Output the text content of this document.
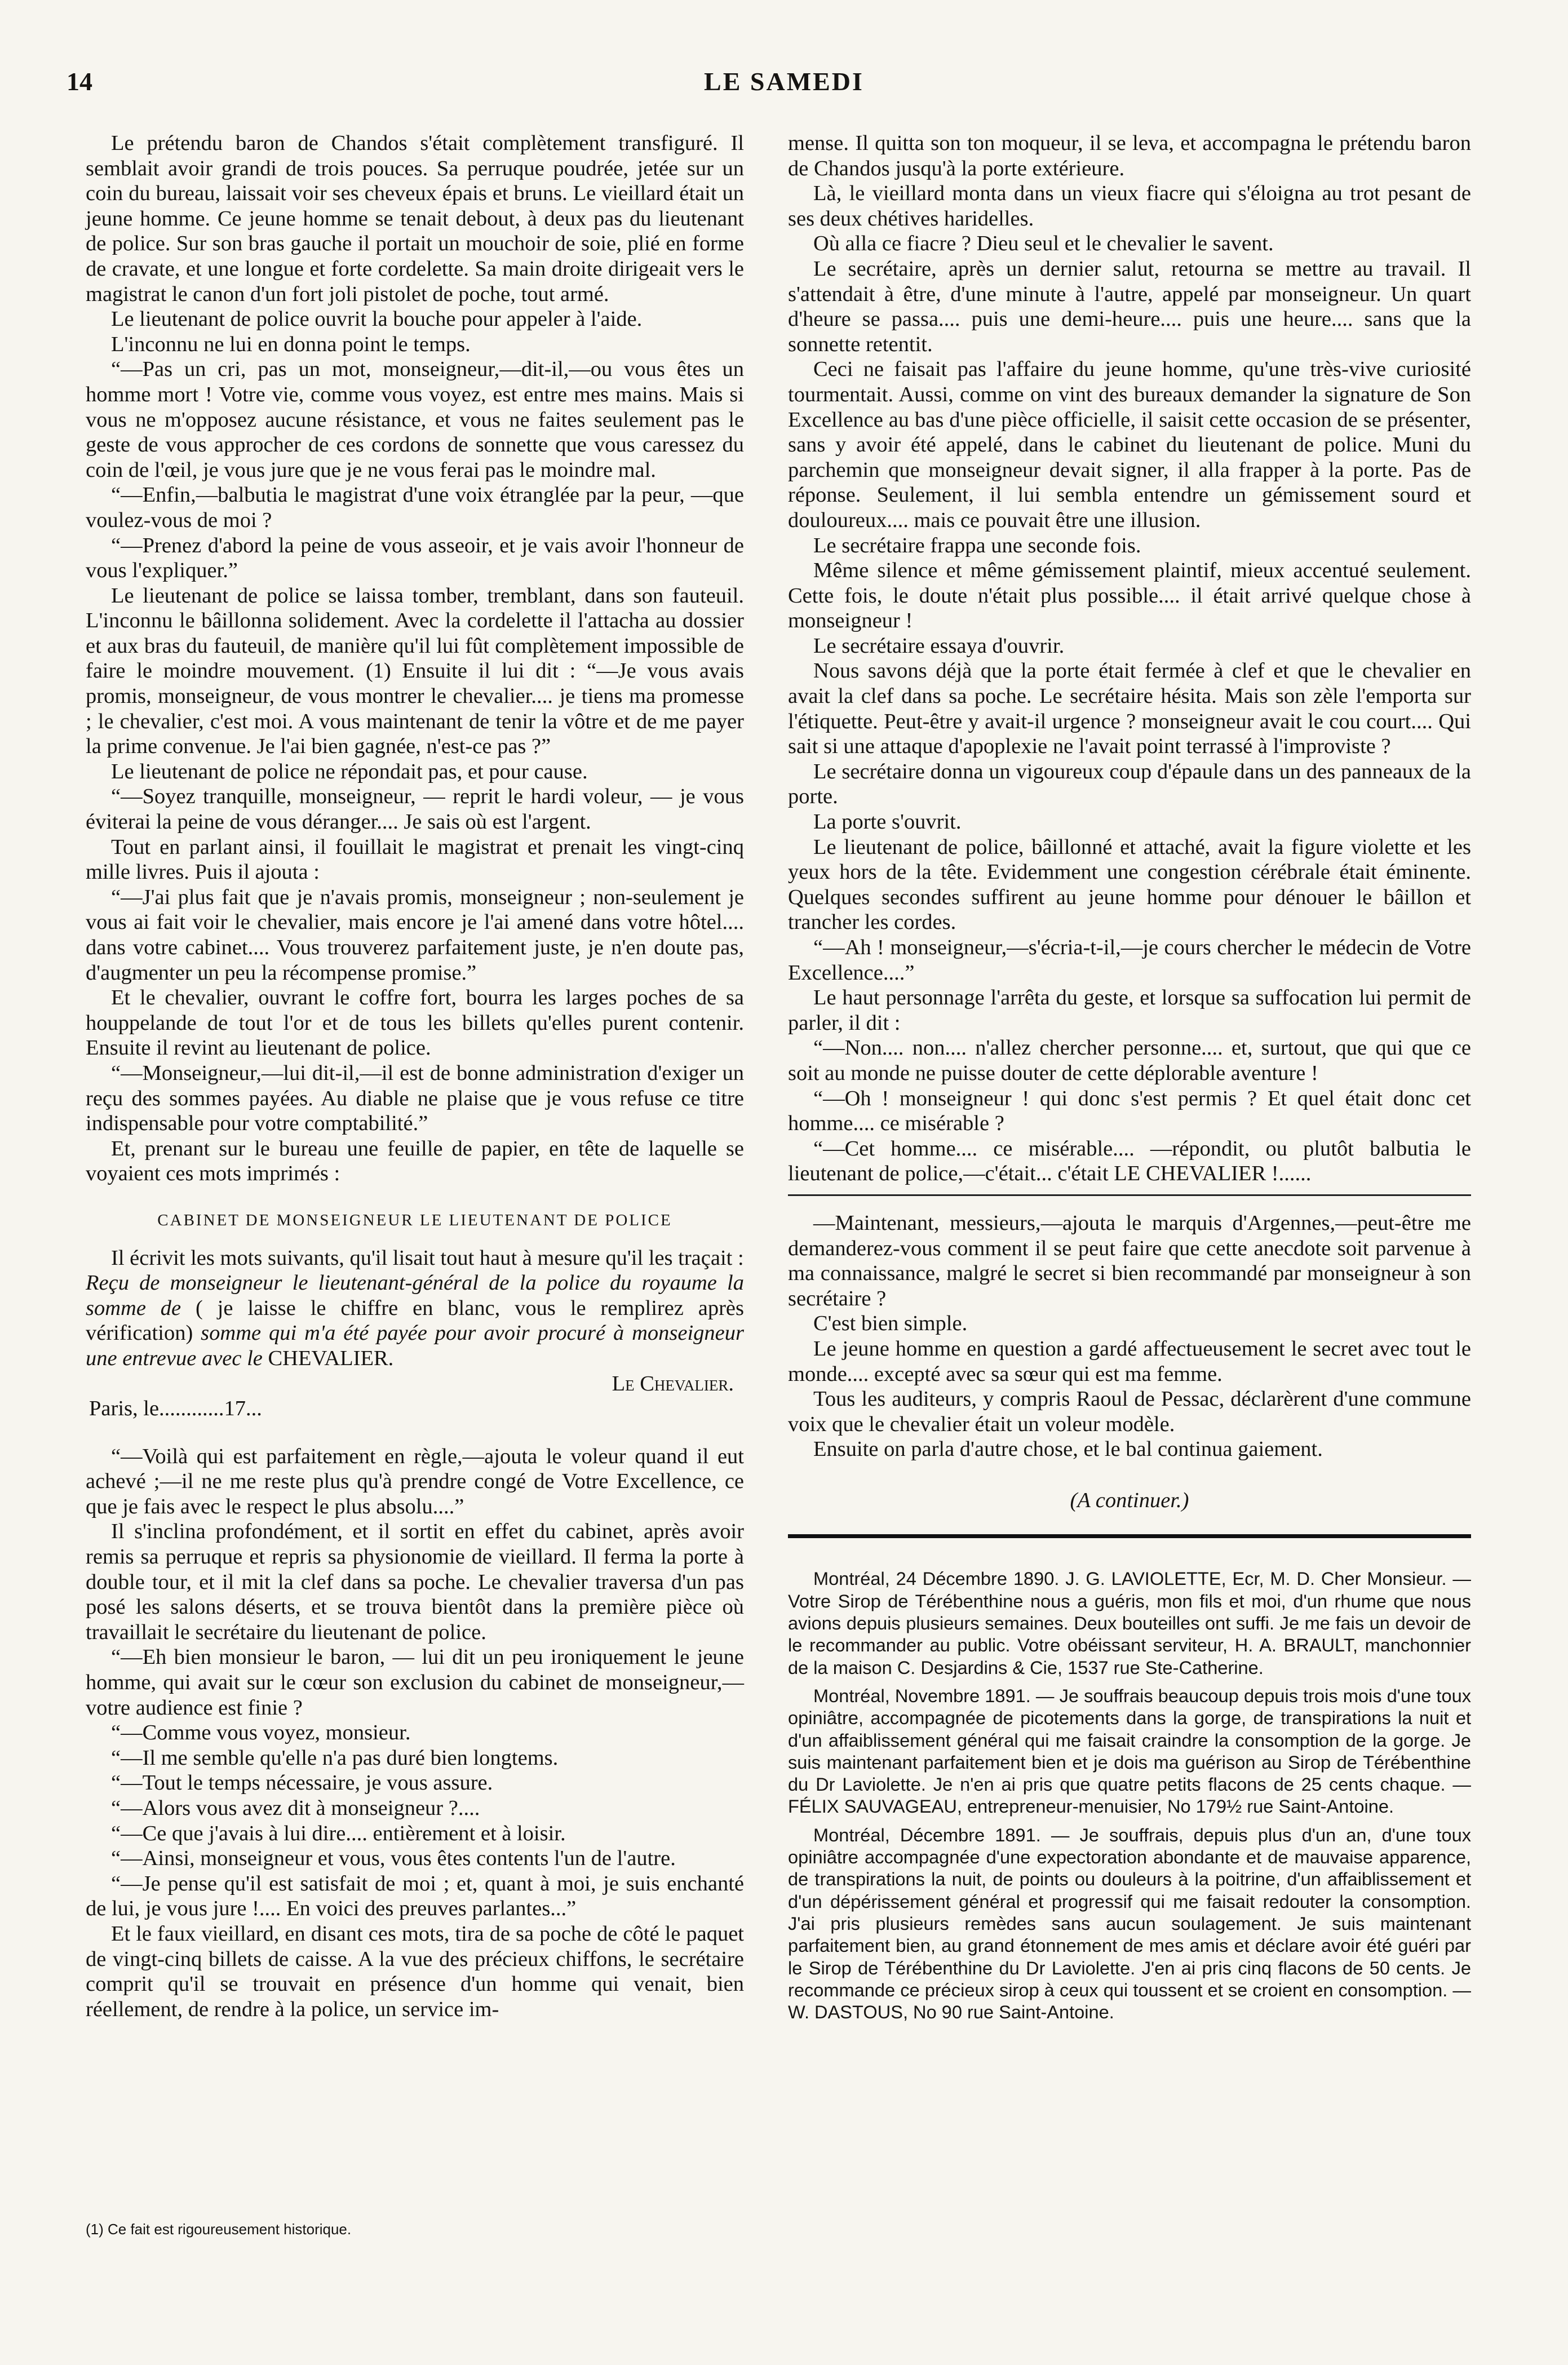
14	LE SAMEDI

Le prétendu baron de Chandos s'était complètement transfiguré. Il semblait avoir grandi de trois pouces. Sa perruque poudrée, jetée sur un coin du bureau, laissait voir ses cheveux épais et bruns. Le vieillard était un jeune homme. Ce jeune homme se tenait debout, à deux pas du lieutenant de police. Sur son bras gauche il portait un mouchoir de soie, plié en forme de cravate, et une longue et forte cordelette. Sa main droite dirigeait vers le magistrat le canon d'un fort joli pistolet de poche, tout armé.

Le lieutenant de police ouvrit la bouche pour appeler à l'aide.

L'inconnu ne lui en donna point le temps.

“—Pas un cri, pas un mot, monseigneur,—dit-il,—ou vous êtes un homme mort ! Votre vie, comme vous voyez, est entre mes mains. Mais si vous ne m'opposez aucune résistance, et vous ne faites seulement pas le geste de vous approcher de ces cordons de sonnette que vous caressez du coin de l'œil, je vous jure que je ne vous ferai pas le moindre mal.

“—Enfin,—balbutia le magistrat d'une voix étranglée par la peur, —que voulez-vous de moi ?

“—Prenez d'abord la peine de vous asseoir, et je vais avoir l'honneur de vous l'expliquer.”

Le lieutenant de police se laissa tomber, tremblant, dans son fauteuil. L'inconnu le bâillonna solidement. Avec la cordelette il l'attacha au dossier et aux bras du fauteuil, de manière qu'il lui fût complètement impossible de faire le moindre mouvement. (1) Ensuite il lui dit : “—Je vous avais promis, monseigneur, de vous montrer le chevalier.... je tiens ma promesse ; le chevalier, c'est moi. A vous maintenant de tenir la vôtre et de me payer la prime convenue. Je l'ai bien gagnée, n'est-ce pas ?”

Le lieutenant de police ne répondait pas, et pour cause.

“—Soyez tranquille, monseigneur, — reprit le hardi voleur, — je vous éviterai la peine de vous déranger.... Je sais où est l'argent.

Tout en parlant ainsi, il fouillait le magistrat et prenait les vingt-cinq mille livres. Puis il ajouta :

“—J'ai plus fait que je n'avais promis, monseigneur ; non-seulement je vous ai fait voir le chevalier, mais encore je l'ai amené dans votre hôtel.... dans votre cabinet.... Vous trouverez parfaitement juste, je n'en doute pas, d'augmenter un peu la récompense promise.”

Et le chevalier, ouvrant le coffre fort, bourra les larges poches de sa houppelande de tout l'or et de tous les billets qu'elles purent contenir. Ensuite il revint au lieutenant de police.

“—Monseigneur,—lui dit-il,—il est de bonne administration d'exiger un reçu des sommes payées. Au diable ne plaise que je vous refuse ce titre indispensable pour votre comptabilité.”

Et, prenant sur le bureau une feuille de papier, en tête de laquelle se voyaient ces mots imprimés :

CABINET DE MONSEIGNEUR LE LIEUTENANT DE POLICE

Il écrivit les mots suivants, qu'il lisait tout haut à mesure qu'il les traçait :

Reçu de monseigneur le lieutenant-général de la police du royaume la somme de ( je laisse le chiffre en blanc, vous le remplirez après vérification) somme qui m'a été payée pour avoir procuré à monseigneur une entrevue avec le CHEVALIER.

Le Chevalier.

Paris, le............17...

“—Voilà qui est parfaitement en règle,—ajouta le voleur quand il eut achevé ;—il ne me reste plus qu'à prendre congé de Votre Excellence, ce que je fais avec le respect le plus absolu....”

Il s'inclina profondément, et il sortit en effet du cabinet, après avoir remis sa perruque et repris sa physionomie de vieillard. Il ferma la porte à double tour, et il mit la clef dans sa poche. Le chevalier traversa d'un pas posé les salons déserts, et se trouva bientôt dans la première pièce où travaillait le secrétaire du lieutenant de police.

“—Eh bien monsieur le baron, — lui dit un peu ironiquement le jeune homme, qui avait sur le cœur son exclusion du cabinet de monseigneur,—votre audience est finie ?

“—Comme vous voyez, monsieur.

“—Il me semble qu'elle n'a pas duré bien longtems.

“—Tout le temps nécessaire, je vous assure.

“—Alors vous avez dit à monseigneur ?....

“—Ce que j'avais à lui dire.... entièrement et à loisir.

“—Ainsi, monseigneur et vous, vous êtes contents l'un de l'autre.

“—Je pense qu'il est satisfait de moi ; et, quant à moi, je suis enchanté de lui, je vous jure !.... En voici des preuves parlantes...”

Et le faux vieillard, en disant ces mots, tira de sa poche de côté le paquet de vingt-cinq billets de caisse. A la vue des précieux chiffons, le secrétaire comprit qu'il se trouvait en présence d'un homme qui venait, bien réellement, de rendre à la police, un service im-

mense. Il quitta son ton moqueur, il se leva, et accompagna le prétendu baron de Chandos jusqu'à la porte extérieure.

Là, le vieillard monta dans un vieux fiacre qui s'éloigna au trot pesant de ses deux chétives haridelles.

Où alla ce fiacre ? Dieu seul et le chevalier le savent.

Le secrétaire, après un dernier salut, retourna se mettre au travail. Il s'attendait à être, d'une minute à l'autre, appelé par monseigneur. Un quart d'heure se passa.... puis une demi-heure.... puis une heure.... sans que la sonnette retentit.

Ceci ne faisait pas l'affaire du jeune homme, qu'une très-vive curiosité tourmentait. Aussi, comme on vint des bureaux demander la signature de Son Excellence au bas d'une pièce officielle, il saisit cette occasion de se présenter, sans y avoir été appelé, dans le cabinet du lieutenant de police. Muni du parchemin que monseigneur devait signer, il alla frapper à la porte. Pas de réponse. Seulement, il lui sembla entendre un gémissement sourd et douloureux.... mais ce pouvait être une illusion.

Le secrétaire frappa une seconde fois.

Même silence et même gémissement plaintif, mieux accentué seulement. Cette fois, le doute n'était plus possible.... il était arrivé quelque chose à monseigneur !

Le secrétaire essaya d'ouvrir.

Nous savons déjà que la porte était fermée à clef et que le chevalier en avait la clef dans sa poche. Le secrétaire hésita. Mais son zèle l'emporta sur l'étiquette. Peut-être y avait-il urgence ? monseigneur avait le cou court.... Qui sait si une attaque d'apoplexie ne l'avait point terrassé à l'improviste ?

Le secrétaire donna un vigoureux coup d'épaule dans un des panneaux de la porte.

La porte s'ouvrit.

Le lieutenant de police, bâillonné et attaché, avait la figure violette et les yeux hors de la tête. Evidemment une congestion cérébrale était éminente. Quelques secondes suffirent au jeune homme pour dénouer le bâillon et trancher les cordes.

“—Ah ! monseigneur,—s'écria-t-il,—je cours chercher le médecin de Votre Excellence....”

Le haut personnage l'arrêta du geste, et lorsque sa suffocation lui permit de parler, il dit :

“—Non.... non.... n'allez chercher personne.... et, surtout, que qui que ce soit au monde ne puisse douter de cette déplorable aventure !

“—Oh ! monseigneur ! qui donc s'est permis ? Et quel était donc cet homme.... ce misérable ?

“—Cet homme.... ce misérable.... —répondit, ou plutôt balbutia le lieutenant de police,—c'était... c'était LE CHEVALIER !......

—Maintenant, messieurs,—ajouta le marquis d'Argennes,—peut-être me demanderez-vous comment il se peut faire que cette anecdote soit parvenue à ma connaissance, malgré le secret si bien recommandé par monseigneur à son secrétaire ?

C'est bien simple.

Le jeune homme en question a gardé affectueusement le secret avec tout le monde.... excepté avec sa sœur qui est ma femme.

Tous les auditeurs, y compris Raoul de Pessac, déclarèrent d'une commune voix que le chevalier était un voleur modèle.

Ensuite on parla d'autre chose, et le bal continua gaiement.

(A continuer.)

Montréal, 24 Décembre 1890. J. G. LAVIOLETTE, Ecr, M. D. Cher Monsieur. — Votre Sirop de Térébenthine nous a guéris, mon fils et moi, d'un rhume que nous avions depuis plusieurs semaines. Deux bouteilles ont suffi. Je me fais un devoir de le recommander au public. Votre obéissant serviteur, H. A. BRAULT, manchonnier de la maison C. Desjardins & Cie, 1537 rue Ste-Catherine.

Montréal, Novembre 1891. — Je souffrais beaucoup depuis trois mois d'une toux opiniâtre, accompagnée de picotements dans la gorge, de transpirations la nuit et d'un affaiblissement général qui me faisait craindre la consomption de la gorge. Je suis maintenant parfaitement bien et je dois ma guérison au Sirop de Térébenthine du Dr Laviolette. Je n'en ai pris que quatre petits flacons de 25 cents chaque. — FÉLIX SAUVAGEAU, entrepreneur-menuisier, No 179½ rue Saint-Antoine.

Montréal, Décembre 1891. — Je souffrais, depuis plus d'un an, d'une toux opiniâtre accompagnée d'une expectoration abondante et de mauvaise apparence, de transpirations la nuit, de points ou douleurs à la poitrine, d'un affaiblissement et d'un dépérissement général et progressif qui me faisait redouter la consomption. J'ai pris plusieurs remèdes sans aucun soulagement. Je suis maintenant parfaitement bien, au grand étonnement de mes amis et déclare avoir été guéri par le Sirop de Térébenthine du Dr Laviolette. J'en ai pris cinq flacons de 50 cents. Je recommande ce précieux sirop à ceux qui toussent et se croient en consomption. — W. DASTOUS, No 90 rue Saint-Antoine.

(1) Ce fait est rigoureusement historique.
